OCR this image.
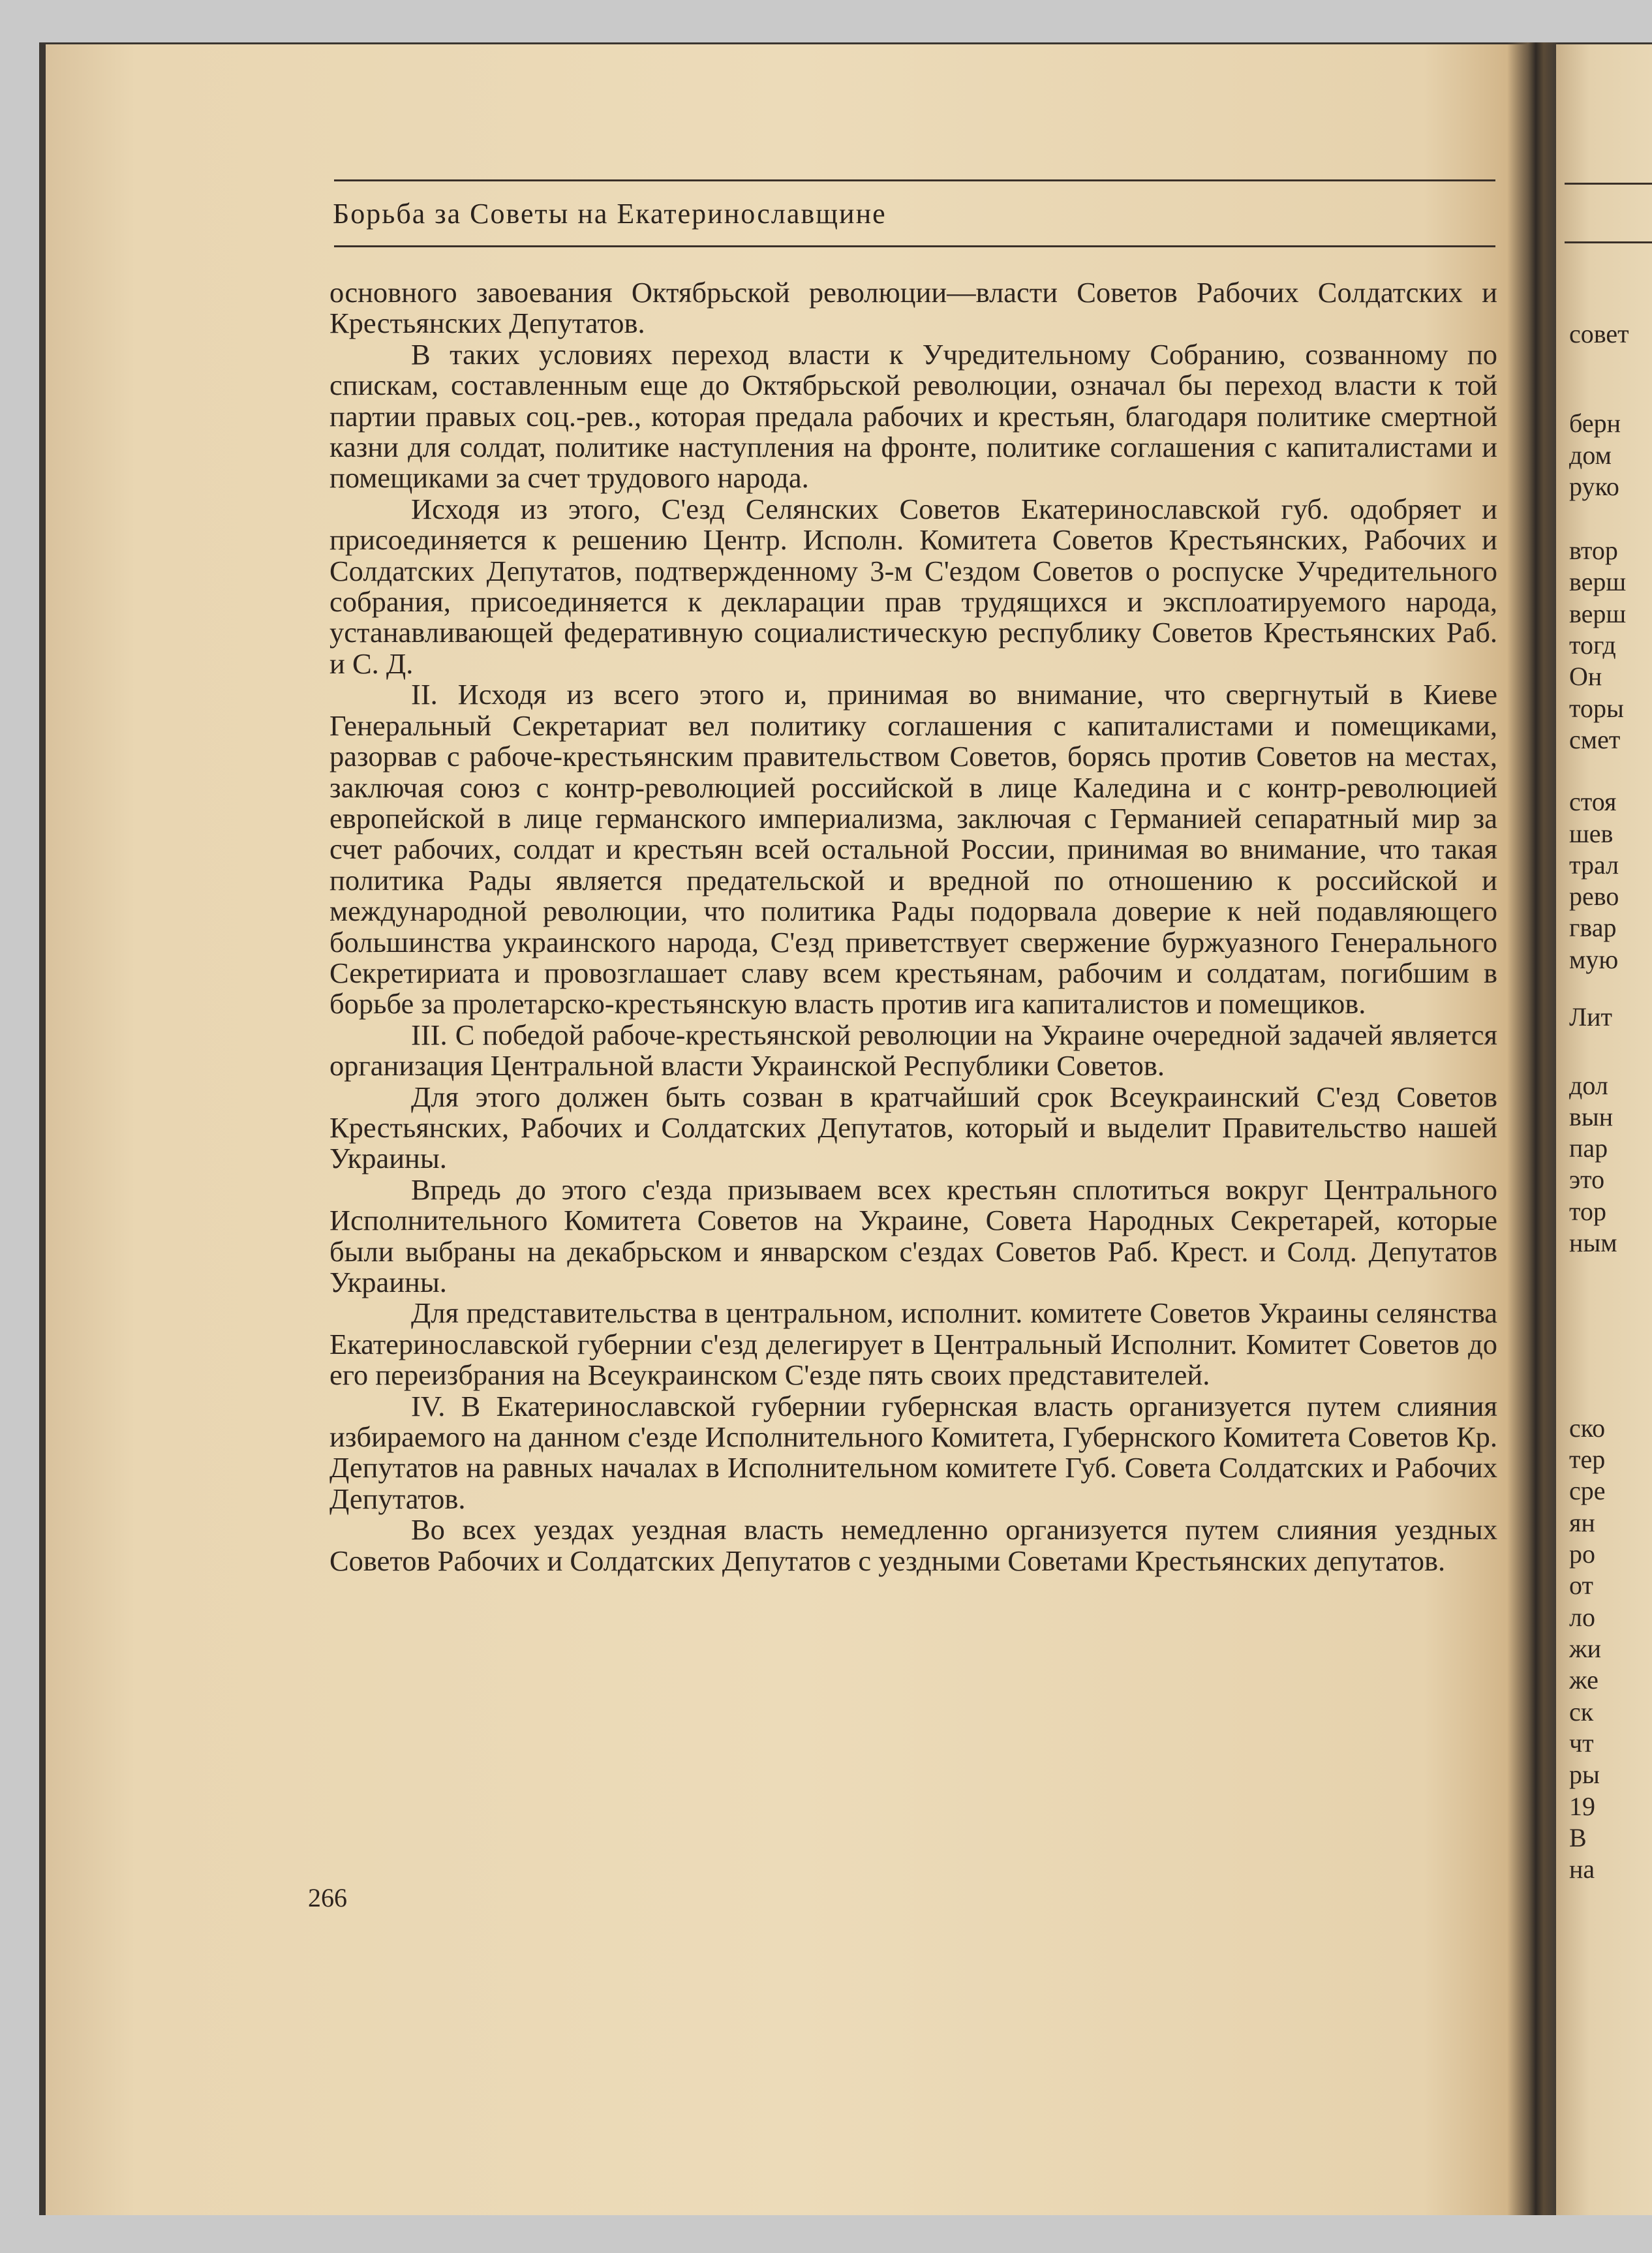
Борьба за Советы на Екатеринославщине

основного завоевания Октябрьской революции—власти Советов Рабочих Солдатских и Крестьянских Депутатов.

В таких условиях переход власти к Учредительному Собранию, созванному по спискам, составленным еще до Октябрьской революции, означал бы переход власти к той партии правых соц.-рев., которая предала рабочих и крестьян, благодаря политике смертной казни для солдат, политике наступления на фронте, политике соглашения с капиталистами и помещиками за счет трудового народа.

Исходя из этого, С'езд Селянских Советов Екатеринославской губ. одобряет и присоединяется к решению Центр. Исполн. Комитета Советов Крестьянских, Рабочих и Солдатских Депутатов, подтвержденному 3-м С'ездом Советов о роспуске Учредительного собрания, присоединяется к декларации прав трудящихся и эксплоатируемого народа, устанавливающей федеративную социалистическую республику Советов Крестьянских Раб. и С. Д.

II. Исходя из всего этого и, принимая во внимание, что свергнутый в Киеве Генеральный Секретариат вел политику соглашения с капиталистами и помещиками, разорвав с рабоче-крестьянским правительством Советов, борясь против Советов на местах, заключая союз с контр-революцией российской в лице Каледина и с контр-революцией европейской в лице германского империализма, заключая с Германией сепаратный мир за счет рабочих, солдат и крестьян всей остальной России, принимая во внимание, что такая политика Рады является предательской и вредной по отношению к российской и международной революции, что политика Рады подорвала доверие к ней подавляющего большинства украинского народа, С'езд приветствует свержение буржуазного Генерального Секретириата и провозглашает славу всем крестьянам, рабочим и солдатам, погибшим в борьбе за пролетарско-крестьянскую власть против ига капиталистов и помещиков.

III. С победой рабоче-крестьянской революции на Украине очередной задачей является организация Центральной власти Украинской Республики Советов.

Для этого должен быть созван в кратчайший срок Всеукраинский С'езд Советов Крестьянских, Рабочих и Солдатских Депутатов, который и выделит Правительство нашей Украины.

Впредь до этого с'езда призываем всех крестьян сплотиться вокруг Центрального Исполнительного Комитета Советов на Украине, Совета Народных Секретарей, которые были выбраны на декабрьском и январском с'ездах Советов Раб. Крест. и Солд. Депутатов Украины.

Для представительства в центральном, исполнит. комитете Советов Украины селянства Екатеринославской губернии с'езд делегирует в Центральный Исполнит. Комитет Советов до его переизбрания на Всеукраинском С'езде пять своих представителей.

IV. В Екатеринославской губернии губернская власть организуется путем слияния избираемого на данном с'езде Исполнительного Комитета, Губернского Комитета Советов Кр. Депутатов на равных началах в Исполнительном комитете Губ. Совета Солдатских и Рабочих Депутатов.

Во всех уездах уездная власть немедленно организуется путем слияния уездных Советов Рабочих и Солдатских Депутатов с уездными Советами Крестьянских депутатов.

266
совет
берн
дом
руко
втор
верш
верш
тогд
Он
торы
смет
стоя
шев
трал
рево
гвар
мую
Лит
дол
вын
пар
это
тор
ным
ско
тер
сре
ян
ро
от
ло
жи
же
ск
чт
ры
19
В
на
